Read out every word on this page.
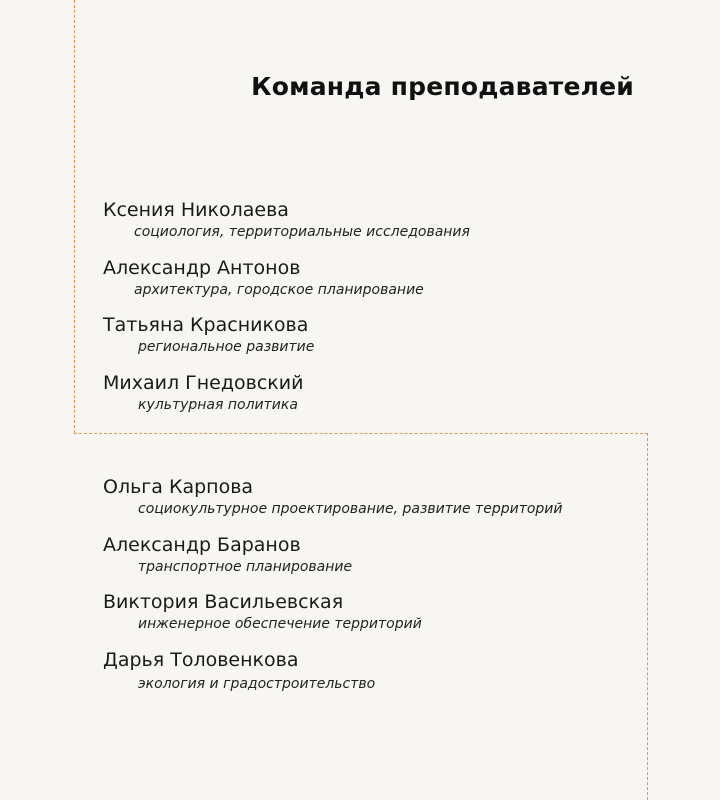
Команда преподавателей
Ксения Николаева
социология, территориальные исследования
Александр Антонов
архитектура, городское планирование
Татьяна Красникова
региональное развитие
Михаил Гнедовский
культурная политика
Ольга Карпова
социокультурное проектирование, развитие территорий
Александр Баранов
транспортное планирование
Виктория Васильевская
инженерное обеспечение территорий
Дарья Толовенкова
экология и градостроительство
